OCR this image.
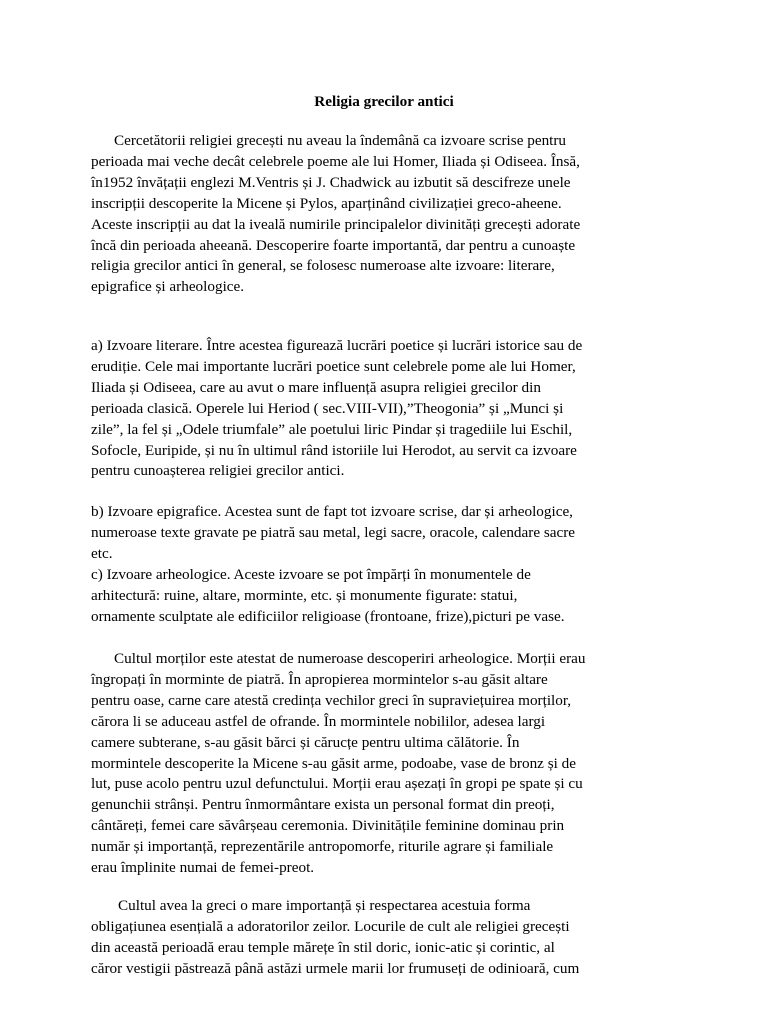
Religia grecilor antici
Cercetătorii religiei grecești nu aveau la îndemână ca izvoare scrise pentru
perioada mai veche decât celebrele poeme ale lui Homer, Iliada și Odiseea. Însă,
în1952 învățații englezi M.Ventris și J. Chadwick au izbutit să descifreze unele
inscripții descoperite la Micene și Pylos, aparținând civilizației greco-aheene.
Aceste inscripții au dat la iveală numirile principalelor divinități grecești adorate
încă din perioada aheeană. Descoperire foarte importantă, dar pentru a cunoaște
religia grecilor antici în general, se folosesc numeroase alte izvoare: literare,
epigrafice și arheologice.
a) Izvoare literare. Între acestea figurează lucrări poetice și lucrări istorice sau de
erudiție. Cele mai importante lucrări poetice sunt celebrele pome ale lui Homer,
Iliada și Odiseea, care au avut o mare influență asupra religiei grecilor din
perioada clasică. Operele lui Heriod ( sec.VIII-VII),”Theogonia” și „Munci și
zile”, la fel și „Odele triumfale” ale poetului liric Pindar și tragediile lui Eschil,
Sofocle, Euripide, și nu în ultimul rând istoriile lui Herodot, au servit ca izvoare
pentru cunoașterea religiei grecilor antici.
b) Izvoare epigrafice. Acestea sunt de fapt tot izvoare scrise, dar și arheologice,
numeroase texte gravate pe piatră sau metal, legi sacre, oracole, calendare sacre
etc.
c) Izvoare arheologice. Aceste izvoare se pot împărți în monumentele de
arhitectură: ruine, altare, morminte, etc. și monumente figurate: statui,
ornamente sculptate ale edificiilor religioase (frontoane, frize),picturi pe vase.
Cultul morților este atestat de numeroase descoperiri arheologice. Morții erau
îngropați în morminte de piatră. În apropierea mormintelor s-au găsit altare
pentru oase, carne care atestă credința vechilor greci în supraviețuirea morților,
cărora li se aduceau astfel de ofrande. În mormintele nobililor, adesea largi
camere subterane, s-au găsit bărci și cărucțe pentru ultima călătorie. În
mormintele descoperite la Micene s-au găsit arme, podoabe, vase de bronz și de
lut, puse acolo pentru uzul defunctului. Morții erau așezați în gropi pe spate și cu
genunchii strânși. Pentru înmormântare exista un personal format din preoți,
cântăreți, femei care săvârșeau ceremonia. Divinitățile feminine dominau prin
număr și importanță, reprezentările antropomorfe, riturile agrare și familiale
erau împlinite numai de femei-preot.
Cultul avea la greci o mare importanță și respectarea acestuia forma
obligațiunea esențială a adoratorilor zeilor. Locurile de cult ale religiei grecești
din această perioadă erau temple mărețe în stil doric, ionic-atic și corintic, al
căror vestigii păstrează până astăzi urmele marii lor frumuseți de odinioară, cum
